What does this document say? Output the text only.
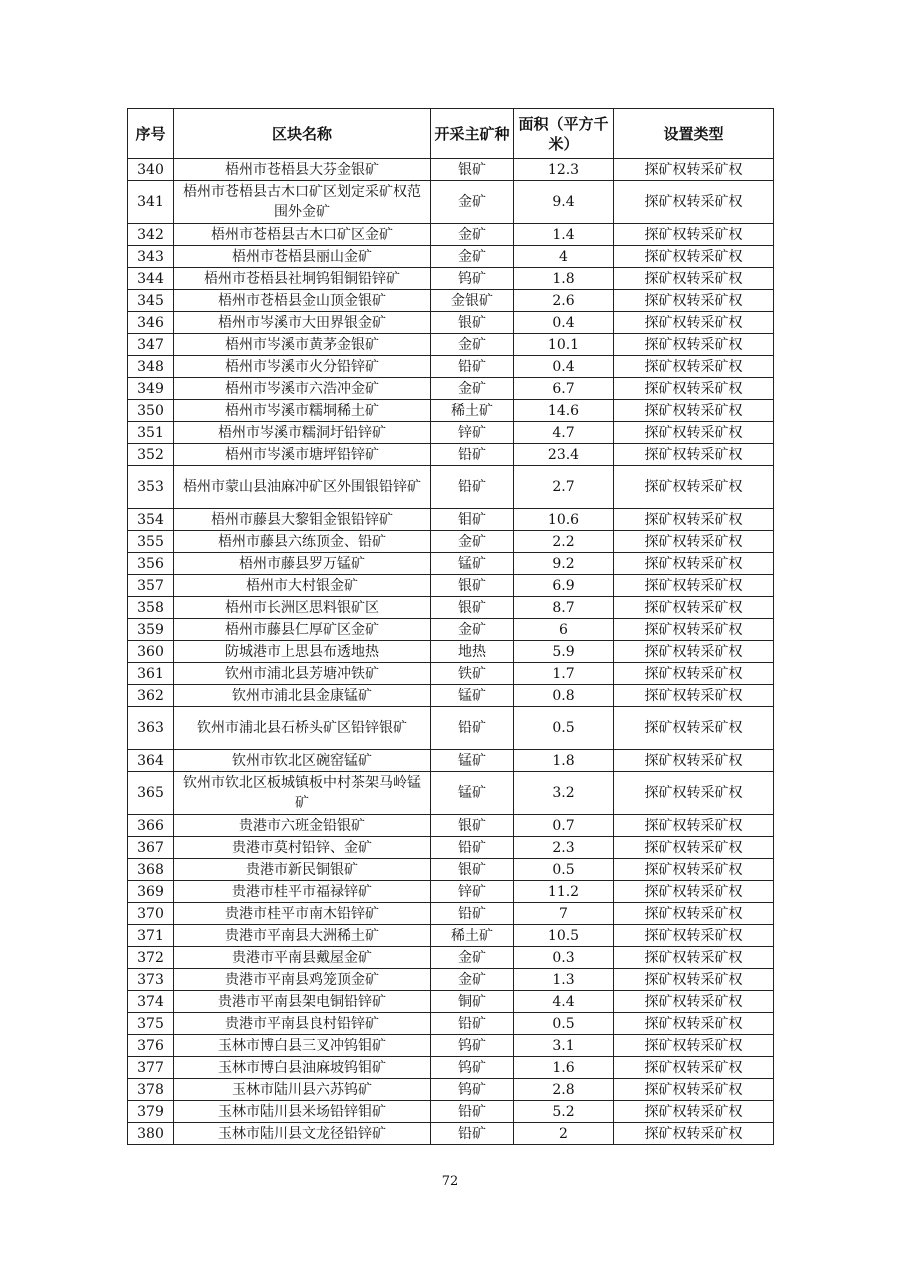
序号	区块名称	开采主矿种	面积（平方千米）	设置类型
340	梧州市苍梧县大芬金银矿	银矿	12.3	探矿权转采矿权
341	梧州市苍梧县古木口矿区划定采矿权范围外金矿	金矿	9.4	探矿权转采矿权
342	梧州市苍梧县古木口矿区金矿	金矿	1.4	探矿权转采矿权
343	梧州市苍梧县丽山金矿	金矿	4	探矿权转采矿权
344	梧州市苍梧县社垌钨钼铜铅锌矿	钨矿	1.8	探矿权转采矿权
345	梧州市苍梧县金山顶金银矿	金银矿	2.6	探矿权转采矿权
346	梧州市岑溪市大田界银金矿	银矿	0.4	探矿权转采矿权
347	梧州市岑溪市黄茅金银矿	金矿	10.1	探矿权转采矿权
348	梧州市岑溪市火分铅锌矿	铅矿	0.4	探矿权转采矿权
349	梧州市岑溪市六浩冲金矿	金矿	6.7	探矿权转采矿权
350	梧州市岑溪市糯垌稀土矿	稀土矿	14.6	探矿权转采矿权
351	梧州市岑溪市糯洞圩铅锌矿	锌矿	4.7	探矿权转采矿权
352	梧州市岑溪市塘坪铅锌矿	铅矿	23.4	探矿权转采矿权
353	梧州市蒙山县油麻冲矿区外围银铅锌矿	铅矿	2.7	探矿权转采矿权
354	梧州市藤县大黎钼金银铅锌矿	钼矿	10.6	探矿权转采矿权
355	梧州市藤县六练顶金、铅矿	金矿	2.2	探矿权转采矿权
356	梧州市藤县罗万锰矿	锰矿	9.2	探矿权转采矿权
357	梧州市大村银金矿	银矿	6.9	探矿权转采矿权
358	梧州市长洲区思料银矿区	银矿	8.7	探矿权转采矿权
359	梧州市藤县仁厚矿区金矿	金矿	6	探矿权转采矿权
360	防城港市上思县布透地热	地热	5.9	探矿权转采矿权
361	钦州市浦北县芳塘冲铁矿	铁矿	1.7	探矿权转采矿权
362	钦州市浦北县金康锰矿	锰矿	0.8	探矿权转采矿权
363	钦州市浦北县石桥头矿区铅锌银矿	铅矿	0.5	探矿权转采矿权
364	钦州市钦北区碗窑锰矿	锰矿	1.8	探矿权转采矿权
365	钦州市钦北区板城镇板中村茶架马岭锰矿	锰矿	3.2	探矿权转采矿权
366	贵港市六班金铅银矿	银矿	0.7	探矿权转采矿权
367	贵港市莫村铅锌、金矿	铅矿	2.3	探矿权转采矿权
368	贵港市新民铜银矿	银矿	0.5	探矿权转采矿权
369	贵港市桂平市福禄锌矿	锌矿	11.2	探矿权转采矿权
370	贵港市桂平市南木铅锌矿	铅矿	7	探矿权转采矿权
371	贵港市平南县大洲稀土矿	稀土矿	10.5	探矿权转采矿权
372	贵港市平南县戴屋金矿	金矿	0.3	探矿权转采矿权
373	贵港市平南县鸡笼顶金矿	金矿	1.3	探矿权转采矿权
374	贵港市平南县架电铜铅锌矿	铜矿	4.4	探矿权转采矿权
375	贵港市平南县良村铅锌矿	铅矿	0.5	探矿权转采矿权
376	玉林市博白县三叉冲钨钼矿	钨矿	3.1	探矿权转采矿权
377	玉林市博白县油麻坡钨钼矿	钨矿	1.6	探矿权转采矿权
378	玉林市陆川县六苏钨矿	钨矿	2.8	探矿权转采矿权
379	玉林市陆川县米场铅锌钼矿	铅矿	5.2	探矿权转采矿权
380	玉林市陆川县文龙径铅锌矿	铅矿	2	探矿权转采矿权
72
